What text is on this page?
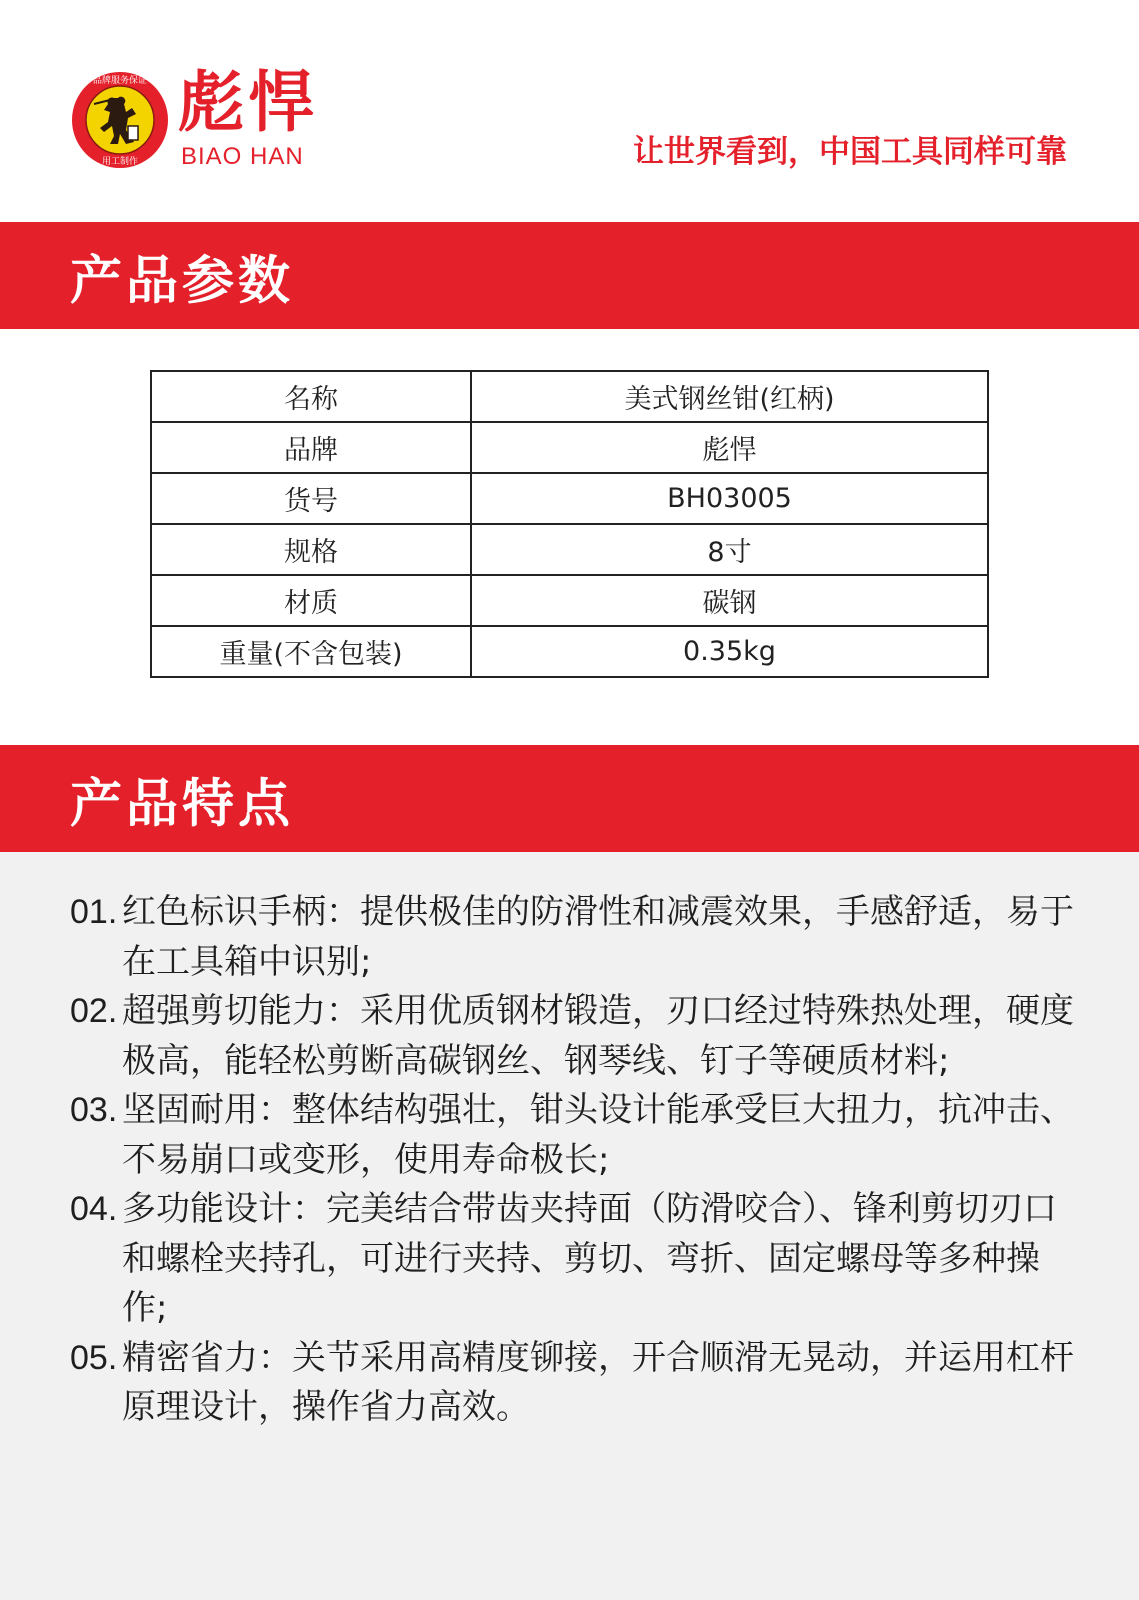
品牌服务保证
用工制作
彪悍
BIAO HAN	让世界看到，中国工具同样可靠
产品参数
名称	美式钢丝钳(红柄)
品牌	彪悍
货号	BH03005
规格	8寸
材质	碳钢
重量(不含包装)	0.35kg
产品特点
01. 红色标识手柄：提供极佳的防滑性和减震效果，手感舒适，易于在工具箱中识别;
02. 超强剪切能力：采用优质钢材锻造，刃口经过特殊热处理，硬度极高，能轻松剪断高碳钢丝、钢琴线、钉子等硬质材料;
03. 坚固耐用：整体结构强壮，钳头设计能承受巨大扭力，抗冲击、不易崩口或变形，使用寿命极长;
04. 多功能设计：完美结合带齿夹持面（防滑咬合）、锋利剪切刃口和螺栓夹持孔，可进行夹持、剪切、弯折、固定螺母等多种操作;
05. 精密省力：关节采用高精度铆接，开合顺滑无晃动，并运用杠杆原理设计，操作省力高效。
